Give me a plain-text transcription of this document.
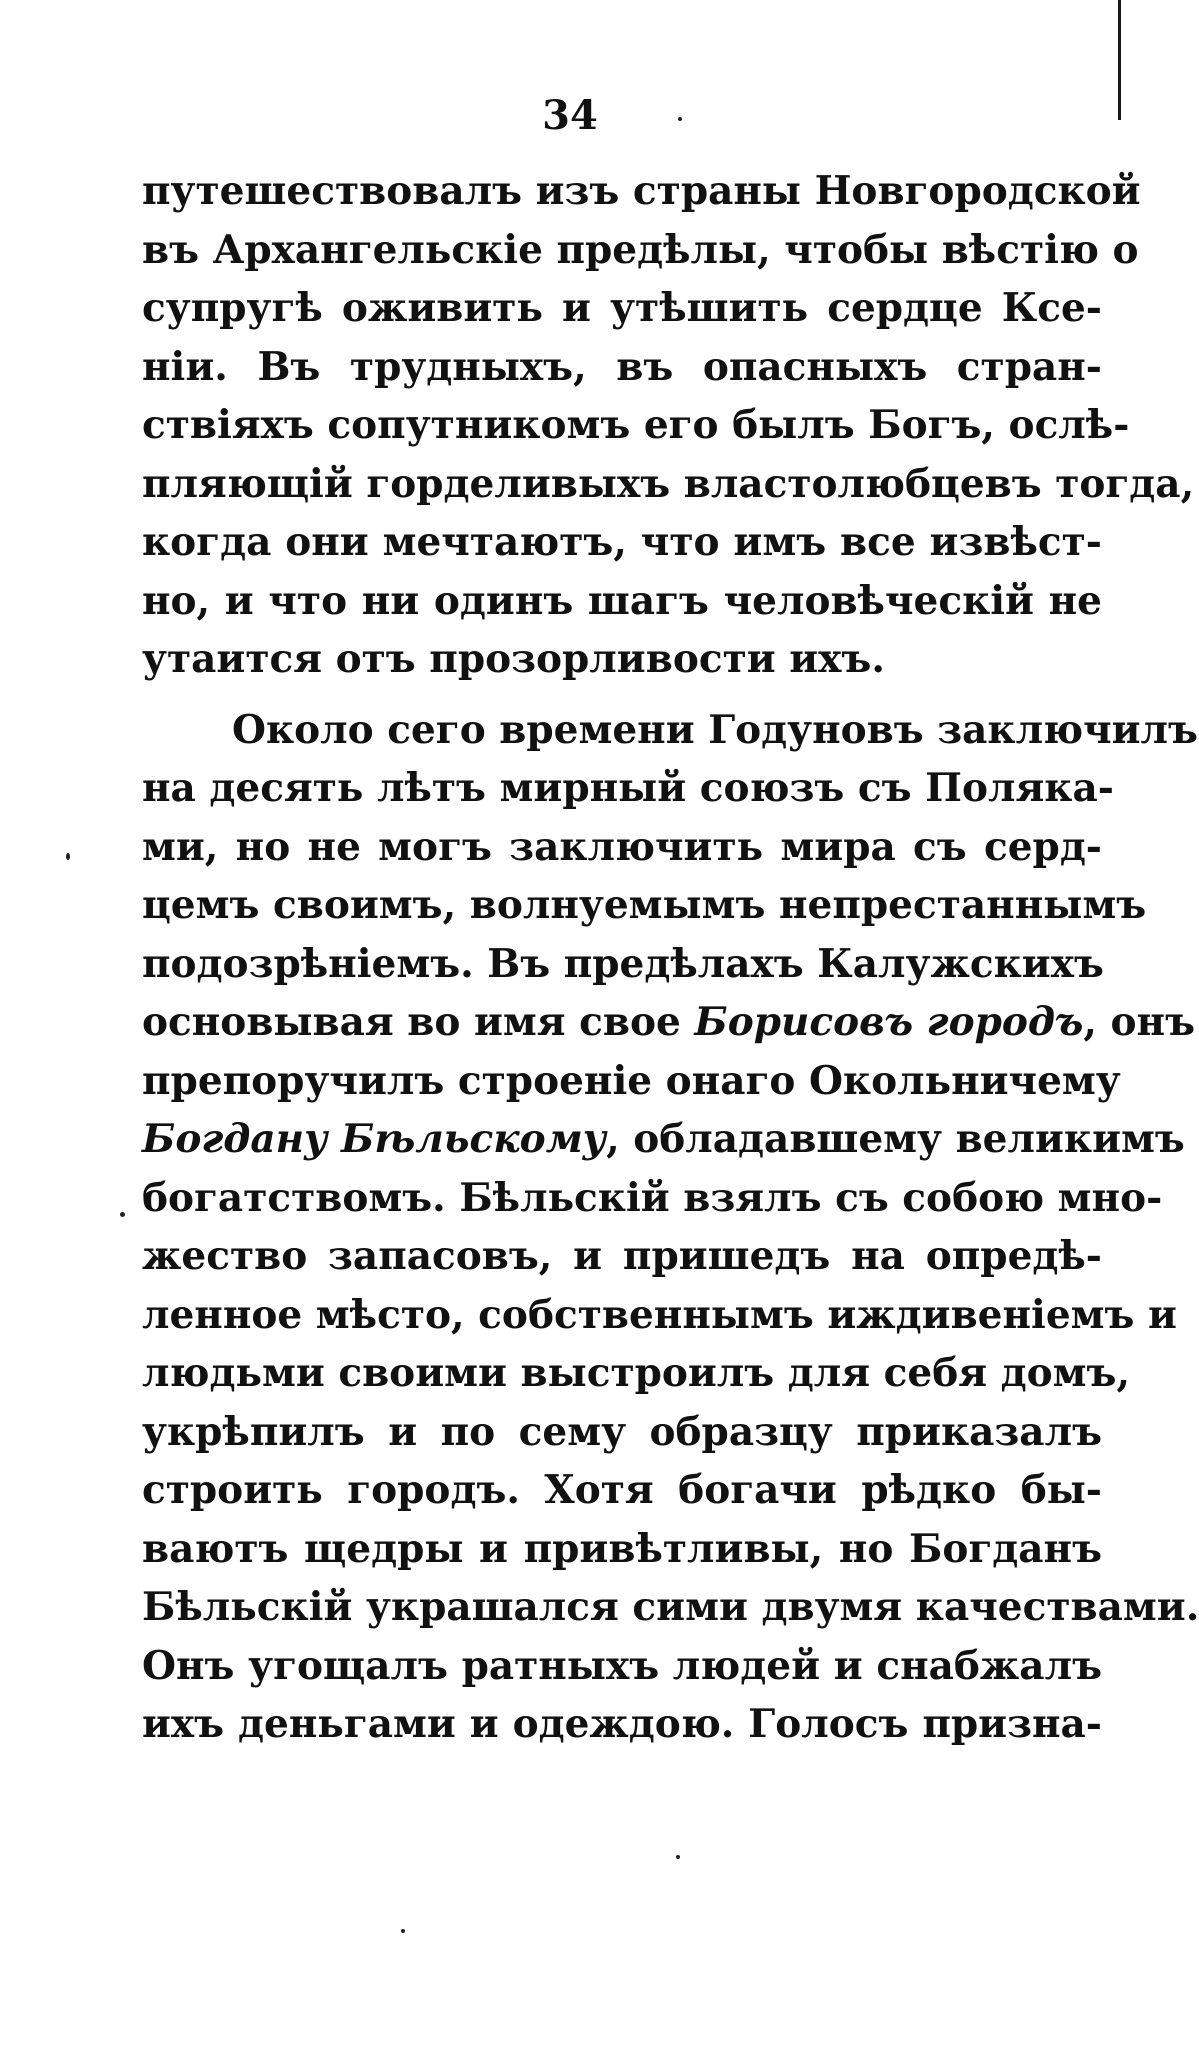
34
путешествовалъ изъ страны Новгородской
въ Архангельскіе предѣлы, чтобы вѣстію о
супругѣ оживить и утѣшить сердце Ксе-
ніи. Въ трудныхъ, въ опасныхъ стран-
ствіяхъ сопутникомъ его былъ Богъ, ослѣ-
пляющій горделивыхъ властолюбцевъ тогда,
когда они мечтаютъ, что имъ все извѣст-
но, и что ни одинъ шагъ человѣческій не
утаится отъ прозорливости ихъ.
Около сего времени Годуновъ заключилъ
на десять лѣтъ мирный союзъ съ Поляка-
ми, но не могъ заключить мира съ серд-
цемъ своимъ, волнуемымъ непрестаннымъ
подозрѣніемъ. Въ предѣлахъ Калужскихъ
основывая во имя свое Борисовъ городъ, онъ
препоручилъ строеніе онаго Окольничему
Богдану Бѣльскому, обладавшему великимъ
богатствомъ. Бѣльскій взялъ съ собою мно-
жество запасовъ, и пришедъ на опредѣ-
ленное мѣсто, собственнымъ иждивеніемъ и
людьми своими выстроилъ для себя домъ,
укрѣпилъ и по сему образцу приказалъ
строить городъ. Хотя богачи рѣдко бы-
ваютъ щедры и привѣтливы, но Богданъ
Бѣльскій украшался сими двумя качествами.
Онъ угощалъ ратныхъ людей и снабжалъ
ихъ деньгами и одеждою. Голосъ призна-
